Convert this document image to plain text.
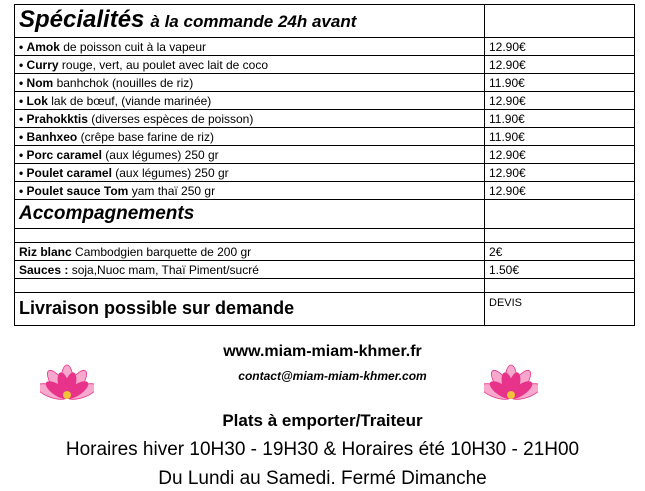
Spécialités à la commande 24h avant	
• Amok de poisson cuit à la vapeur	12.90€
• Curry rouge, vert, au poulet avec lait de coco	12.90€
• Nom banhchok (nouilles de riz)	11.90€
• Lok lak de bœuf, (viande marinée)	12.90€
• Prahokktis (diverses espèces de poisson)	11.90€
• Banhxeo (crêpe base farine de riz)	11.90€
• Porc caramel (aux légumes) 250 gr	12.90€
• Poulet caramel (aux légumes) 250 gr	12.90€
• Poulet sauce Tom yam thaï 250 gr	12.90€
Accompagnements	

Riz blanc Cambodgien barquette de 200 gr	2€
Sauces : soja,Nuoc mam, Thaï Piment/sucré	1.50€

Livraison possible sur demande	DEVIS
www.miam-miam-khmer.fr
contact@miam-miam-khmer.com
Plats à emporter/Traiteur
Horaires hiver 10H30 - 19H30 & Horaires été 10H30 - 21H00
Du Lundi au Samedi. Fermé Dimanche
